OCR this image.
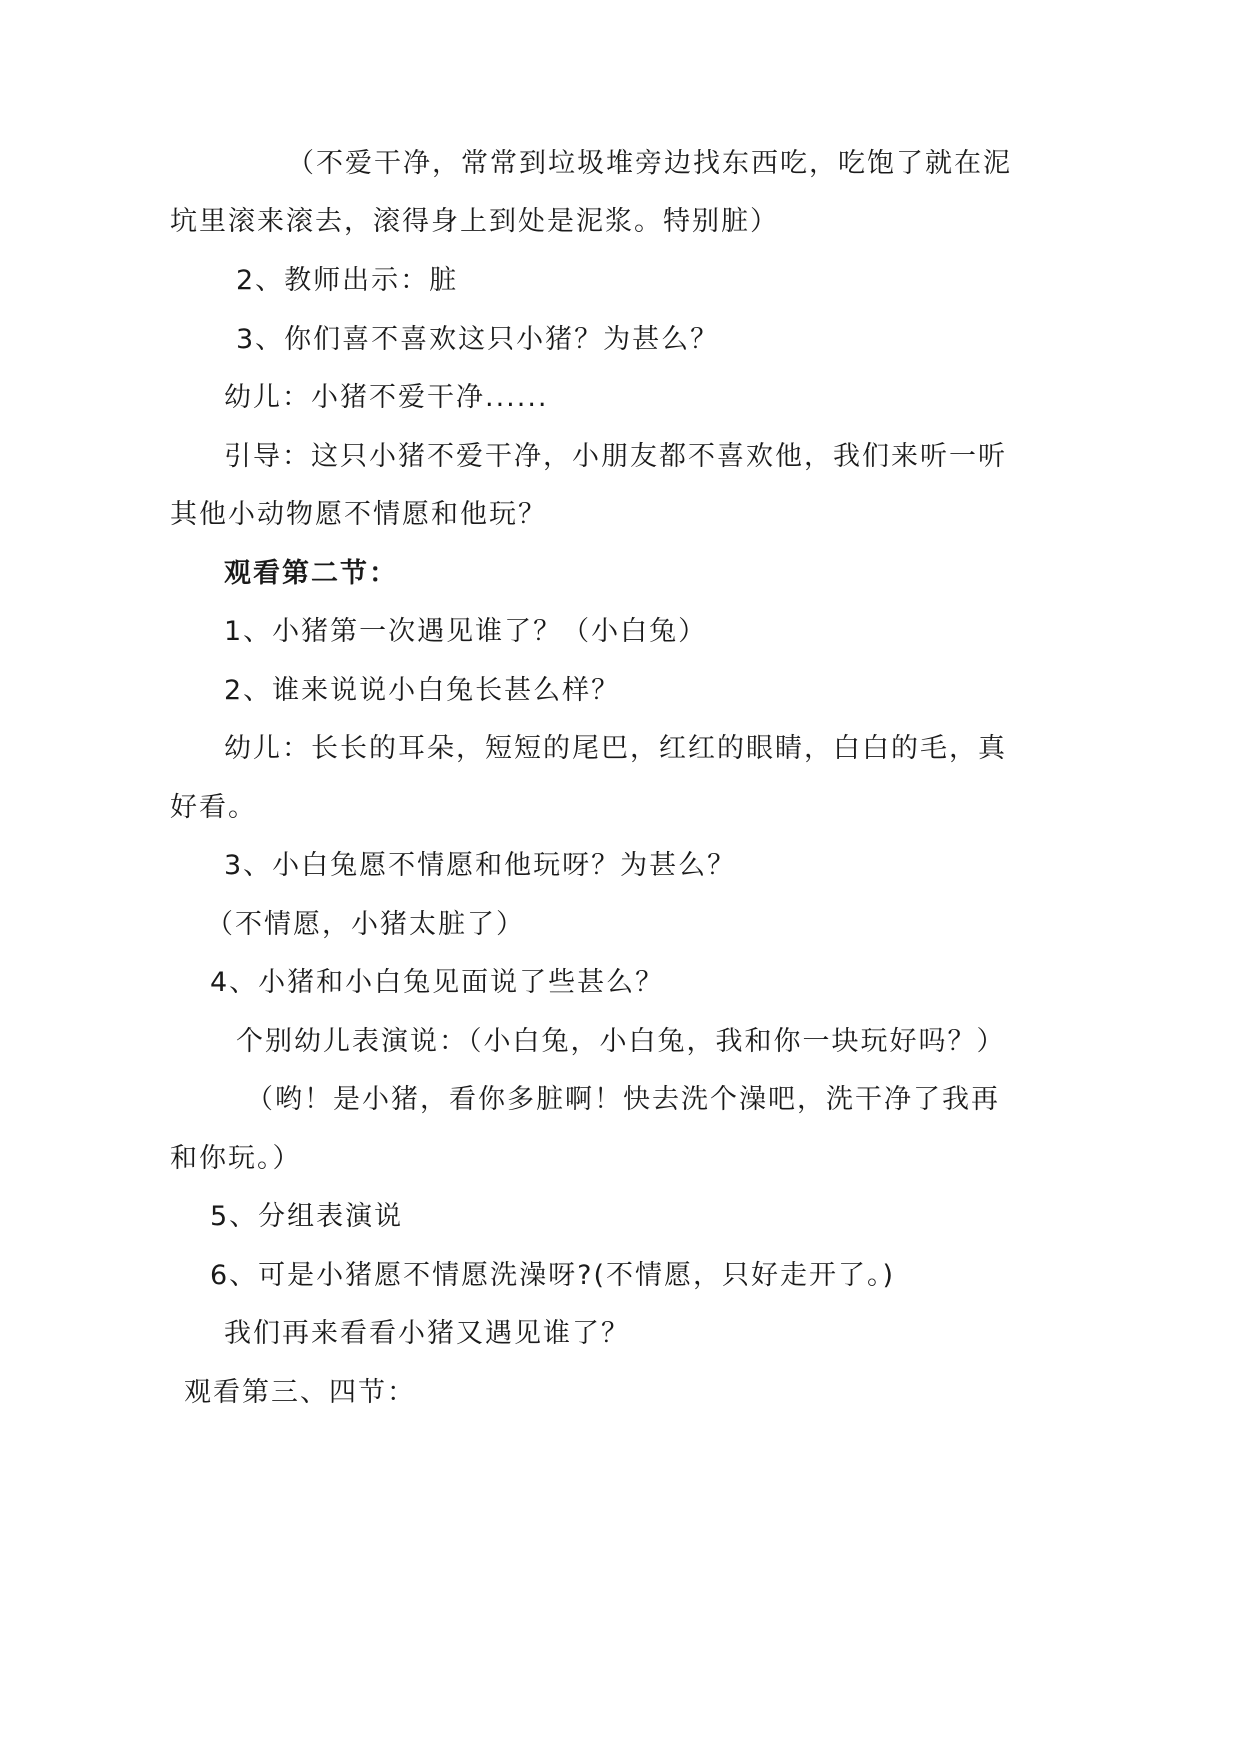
（不爱干净，常常到垃圾堆旁边找东西吃，吃饱了就在泥
坑里滚来滚去，滚得身上到处是泥浆。特别脏）
2、教师出示：脏
3、你们喜不喜欢这只小猪？为甚么？
幼儿：小猪不爱干净......
引导：这只小猪不爱干净，小朋友都不喜欢他，我们来听一听
其他小动物愿不情愿和他玩？
观看第二节：
1、小猪第一次遇见谁了？（小白兔）
2、谁来说说小白兔长甚么样？
幼儿：长长的耳朵，短短的尾巴，红红的眼睛，白白的毛，真
好看。
3、小白兔愿不情愿和他玩呀？为甚么？
（不情愿，小猪太脏了）
4、小猪和小白兔见面说了些甚么？
个别幼儿表演说：（小白兔，小白兔，我和你一块玩好吗？）
（哟！是小猪，看你多脏啊！快去洗个澡吧，洗干净了我再
和你玩。）
5、分组表演说
6、可是小猪愿不情愿洗澡呀?(不情愿，只好走开了。)
我们再来看看小猪又遇见谁了？
观看第三、四节：
